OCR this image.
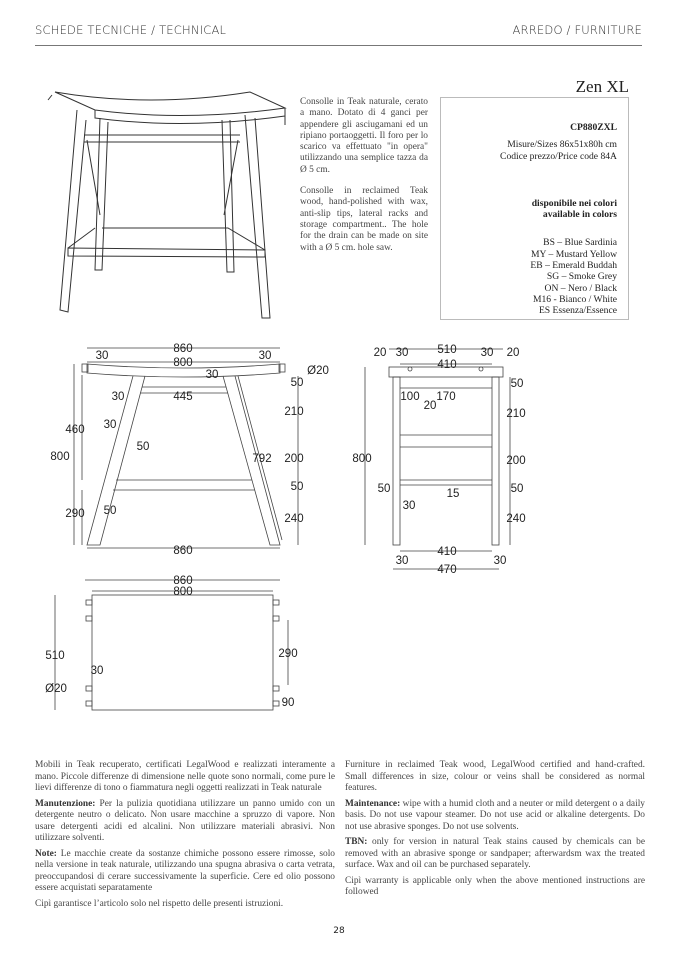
SCHEDE TECNICHE / TECHNICAL	ARREDO / FURNITURE
Zen XL

Consolle in Teak naturale, cerato a mano. Dotato di 4 ganci per appendere gli asciugamani ed un ripiano portaoggetti. Il foro per lo scarico va effettuato "in opera" utilizzando una semplice tazza da Ø 5 cm.

Consolle in reclaimed Teak wood, hand-polished with wax, anti-slip tips, lateral racks and storage compartment.. The hole for the drain can be made on site with a Ø 5 cm. hole saw.

CP880ZXL
Misure/Sizes 86x51x80h cm
Codice prezzo/Price code 84A
disponibile nei colori
available in colors
BS – Blue Sardinia
MY – Mustard Yellow
EB – Emerald Buddah
SG – Smoke Grey
ON – Nero / Black
M16 - Bianco / White
ES Essenza/Essence
860
30	30
800
30	Ø20
50
30	445
210
30
460
50
800	792 200
50
290 50
240
860
20 30	510 30 20
410
50
100
20
170
210
800	200
50	15	50
30
240
410
30
470
30
860
800
510	290
30
Ø20
90

Mobili in Teak recuperato, certificati LegalWood e realizzati interamente a mano. Piccole differenze di dimensione nelle quote sono normali, come pure le lievi differenze di tono o fiammatura negli oggetti realizzati in Teak naturale

Manutenzione: Per la pulizia quotidiana utilizzare un panno umido con un detergente neutro o delicato. Non usare macchine a spruzzo di vapore. Non usare detergenti acidi ed alcalini. Non utilizzare materiali abrasivi. Non utilizzare solventi.

Note: Le macchie create da sostanze chimiche possono essere rimosse, solo nella versione in teak naturale, utilizzando una spugna abrasiva o carta vetrata, preoccupandosi di cerare successivamente la superficie. Cere ed olio possono essere acquistati separatamente

Cipì garantisce l’articolo solo nel rispetto delle presenti istruzioni.

Furniture in reclaimed Teak wood, LegalWood certified and hand-crafted. Small differences in size, colour or veins shall be considered as normal features.

Maintenance: wipe with a humid cloth and a neuter or mild detergent o a daily basis. Do not use vapour steamer. Do not use acid or alkaline detergents. Do not use abrasive sponges. Do not use solvents.

TBN: only for version in natural Teak stains caused by chemicals can be removed with an abrasive sponge or sandpaper; afterwardsm wax the treated surface. Wax and oil can be purchased separately.

Cipì warranty is applicable only when the above mentioned instructions are followed

28
